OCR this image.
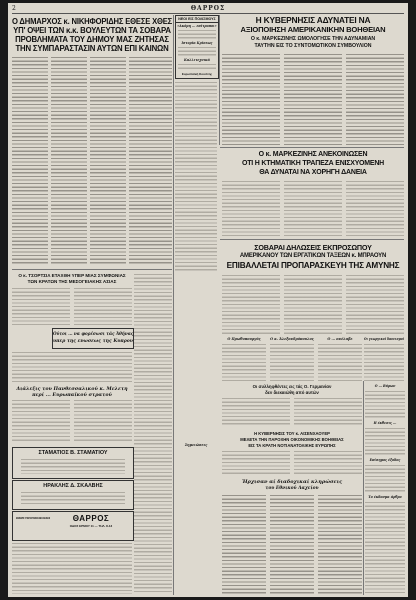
2	ΘΑΡΡΟΣ
Ο ΔΗΜΑΡΧΟΣ κ. ΝΙΚΗΦΟΡΙΔΗΣ ΕΘΕΣΕ ΧΘΕΣ
ΥΠ' ΟΨΕΙ ΤΩΝ κ.κ. ΒΟΥΛΕΥΤΩΝ ΤΑ ΣΟΒΑΡΑ
ΠΡΟΒΛΗΜΑΤΑ ΤΟΥ ΔΗΜΟΥ ΜΑΣ ΖΗΤΗΣΑΣ
ΤΗΝ ΣΥΜΠΑΡΑΣΤΑΣΙΝ ΑΥΤΩΝ ΕΠΙ ΚΑΙΝΩΝ
Ο κ. ΤΣΟΡΤΣΙΛ ΕΤΑΧΘΗ ΥΠΕΡ ΜΙΑΣ ΣΥΜΦΩΝΙΑΣ
ΤΩΝ ΚΡΑΤΩΝ ΤΗΣ ΜΕΣΟΓΕΙΑΚΗΣ ΑΣΙΑΣ
Ούτοι ... να φορέσωσι τάς Άθήνας
υπερ της ενωσεως της Κυπρου
Διάλεξις του Πανθεσσαλικού κ. Μελετη
περί ... Ευρωπαϊκού στρατού
ΣΤΑΜΑΤΙΟΣ Β. ΣΤΑΜΑΤΙΟΥ
ΗΡΑΚΛΗΣ Δ. ΣΚΑΛΒΗΣ
ΕΦΗΜΕΡΙΣ ΣΥΝΕΤΑΙΡΙΣΜΩΝ ΒΙΒΛΙΟΘΗΚΩΝ	ΘΑΡΡΟΣ
ΟΔΟΣ ΕΡΜΟΥ 11 — ΤΗΛ. 8-13
ΝΕΟΙ ΕΙΣ ΠΟΛΙΣΜΟΥΣ
«Ακόμη ... επίτροποι»
Ιστορία Κρίσεως
Καλλιτεχνικά
Ευρωπαϊκή Κοινότης
Σημειώσεις
Η ΚΥΒΕΡΝΗΣΙΣ ΑΔΥΝΑΤΕΙ ΝΑ
ΑΞΙΟΠΟΙΗΣΗ ΑΜΕΡΙΚΑΝΙΚΗΝ ΒΟΗΘΕΙΑΝ
Ο κ. ΜΑΡΚΕΖΙΝΗΣ ΩΜΟΛΟΓΗΣΕ ΤΗΝ ΑΔΥΝΑΜΙΑΝ
ΤΑΥΤΗΝ ΕΙΣ ΤΟ ΣΥΝΤΟΜΩΤΙΚΟΝ ΣΥΜΒΟΥΛΙΟΝ
Ο κ. ΜΑΡΚΕΖΙΝΗΣ ΑΝΕΚΟΙΝΩΣΕΝ
ΟΤΙ Η ΚΤΗΜΑΤΙΚΗ ΤΡΑΠΕΖΑ ΕΝΙΣΧΥΟΜΕΝΗ
ΘΑ ΔΥΝΑΤΑΙ ΝΑ ΧΟΡΗΓΗ ΔΑΝΕΙΑ
ΣΟΒΑΡΑΙ ΔΗΛΩΣΕΙΣ ΕΚΠΡΟΣΩΠΟΥ
ΑΜΕΡΙΚΑΝΟΥ ΤΩΝ ΕΡΓΑΤΙΚΩΝ ΤΑΞΕΩΝ κ. ΜΠΡΑΟΥΝ
ΕΠΙΒΑΛΛΕΤΑΙ ΠΡΟΠΑΡΑΣΚΕΥΗ ΤΗΣ ΑΜΥΝΗΣ
Ο Πρωθυπουργός	Ο κ. Άλεξανδρόπουλος	Ο ... ανέλαβε	Οι γεωργικοί δανεισμοί
Οι συλληφθέντες εις τάς Ο. Γερμανίαν
δεν διεκαιώθη από αυτών
Η ΚΥΒΕΡΝΗΣΙΣ ΤΟΥ κ. ΑΙΣΕΝΧΑΟΥΕΡ
ΜΕΛΕΤΑ ΤΗΝ ΠΑΡΟΧΗΝ ΟΙΚΟΝΟΜΙΚΗΣ ΒΟΗΘΕΙΑΣ
ΕΙΣ ΤΑ ΚΡΑΤΗ ΝΟΤΙΑΝΑΤΟΛΙΚΗΣ ΕΥΡΩΠΗΣ
Ήρχισαν αί διαδοχικαί κληρώσεις
του Εθνικού Λαχείου
Ο ... Βύρων
Η έκθεσις ...
Επίσημος έξοδος
Το έκδοσμα άρθρο
